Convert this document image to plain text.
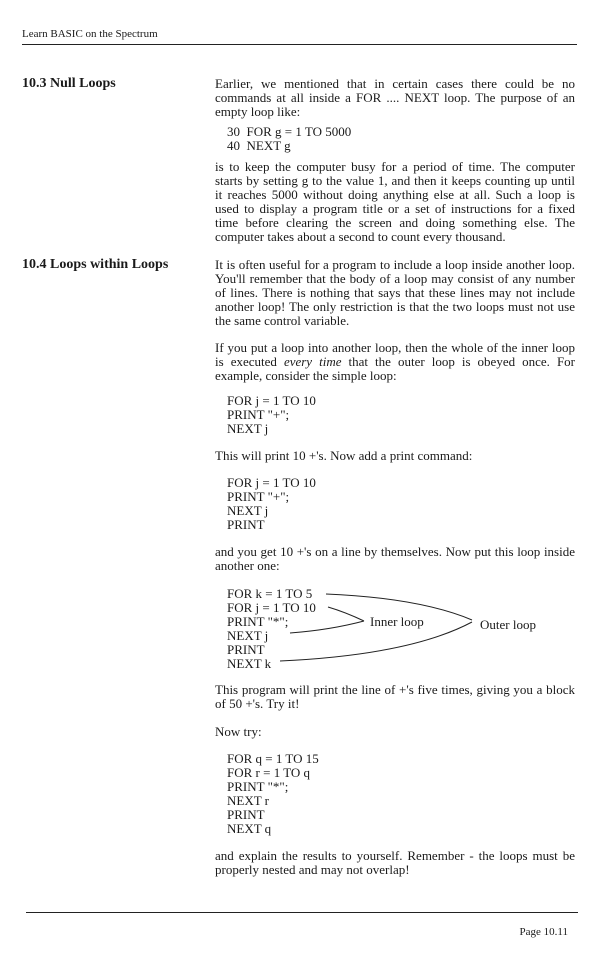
Learn BASIC on the Spectrum
10.3 Null Loops	Earlier, we mentioned that in certain cases there could be no commands at all inside a FOR .... NEXT loop. The purpose of an empty loop like:
30  FOR g = 1 TO 5000
40  NEXT g
is to keep the computer busy for a period of time. The computer starts by setting g to the value 1, and then it keeps counting up until it reaches 5000 without doing anything else at all. Such a loop is used to display a program title or a set of instructions for a fixed time before clearing the screen and doing something else. The computer takes about a second to count every thousand.
10.4 Loops within Loops	It is often useful for a program to include a loop inside another loop. You'll remember that the body of a loop may consist of any number of lines. There is nothing that says that these lines may not include another loop! The only restriction is that the two loops must not use the same control variable.
If you put a loop into another loop, then the whole of the inner loop is executed every time that the outer loop is obeyed once. For example, consider the simple loop:
FOR j = 1 TO 10
PRINT "+";
NEXT j
This will print 10 +'s. Now add a print command:
FOR j = 1 TO 10
PRINT "+";
NEXT j
PRINT
and you get 10 +'s on a line by themselves. Now put this loop inside another one:
FOR k = 1 TO 5
FOR j = 1 TO 10
PRINT "*";
NEXT j
PRINT
NEXT k
Inner loop	Outer loop
This program will print the line of +'s five times, giving you a block of 50 +'s. Try it!
Now try:
FOR q = 1 TO 15
FOR r = 1 TO q
PRINT "*";
NEXT r
PRINT
NEXT q
and explain the results to yourself. Remember - the loops must be properly nested and may not overlap!
Page 10.11
